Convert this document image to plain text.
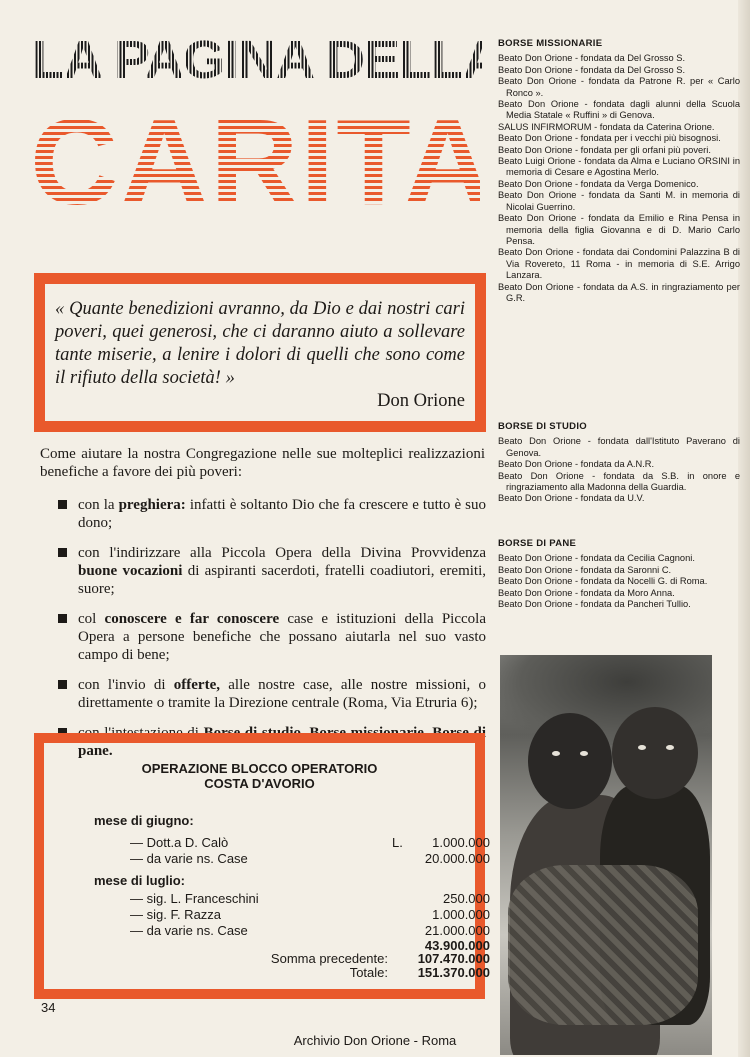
LA PAGINA DELLA
CARITA'

« Quante benedizioni avranno, da Dio e dai nostri cari poveri, quei generosi, che ci daranno aiuto a sollevare tante miserie, a lenire i dolori di quelli che sono come il rifiuto della società! »

Don Orione

Come aiutare la nostra Congregazione nelle sue molteplici realizzazioni benefiche a favore dei più poveri:

con la preghiera: infatti è soltanto Dio che fa crescere e tutto è suo dono;
con l'indirizzare alla Piccola Opera della Divina Provvidenza buone vocazioni di aspiranti sacerdoti, fratelli coadiutori, eremiti, suore;
col conoscere e far conoscere case e istituzioni della Piccola Opera a persone benefiche che possano aiutarla nel suo vasto campo di bene;
con l'invio di offerte, alle nostre case, alle nostre missioni, o direttamente o tramite la Direzione centrale (Roma, Via Etruria 6);
con l'intestazione di Borse di studio, Borse missionarie, Borse di pane.
OPERAZIONE BLOCCO OPERATORIO
COSTA D'AVORIO
mese di giugno:
— Dott.a D. Calò	L.	1.000.000
— da varie ns. Case	20.000.000
mese di luglio:
— sig. L. Franceschini	250.000
— sig. F. Razza	1.000.000
— da varie ns. Case	21.000.000
43.900.000
Somma precedente:	107.470.000
Totale:	151.370.000
34
Archivio Don Orione - Roma
BORSE MISSIONARIE

Beato Don Orione - fondata da Del Grosso S.

Beato Don Orione - fondata da Del Grosso S.

Beato Don Orione - fondata da Patrone R. per « Carlo Ronco ».

Beato Don Orione - fondata dagli alunni della Scuola Media Statale « Ruffini » di Genova.

SALUS INFIRMORUM - fondata da Caterina Orione.

Beato Don Orione - fondata per i vecchi più bisognosi.

Beato Don Orione - fondata per gli orfani più poveri.

Beato Luigi Orione - fondata da Alma e Luciano ORSINI in memoria di Cesare e Agostina Merlo.

Beato Don Orione - fondata da Verga Domenico.

Beato Don Orione - fondata da Santi M. in memoria di Nicolai Guerrino.

Beato Don Orione - fondata da Emilio e Rina Pensa in memoria della figlia Giovanna e di D. Mario Carlo Pensa.

Beato Don Orione - fondata dai Condomini Palazzina B di Via Rovereto, 11 Roma - in memoria di S.E. Arrigo Lanzara.

Beato Don Orione - fondata da A.S. in ringraziamento per G.R.

BORSE DI STUDIO

Beato Don Orione - fondata dall'Istituto Paverano di Genova.

Beato Don Orione - fondata da A.N.R.

Beato Don Orione - fondata da S.B. in onore e ringraziamento alla Madonna della Guardia.

Beato Don Orione - fondata da U.V.

BORSE DI PANE

Beato Don Orione - fondata da Cecilia Cagnoni.

Beato Don Orione - fondata da Saronni C.

Beato Don Orione - fondata da Nocelli G. di Roma.

Beato Don Orione - fondata da Moro Anna.

Beato Don Orione - fondata da Pancheri Tullio.
